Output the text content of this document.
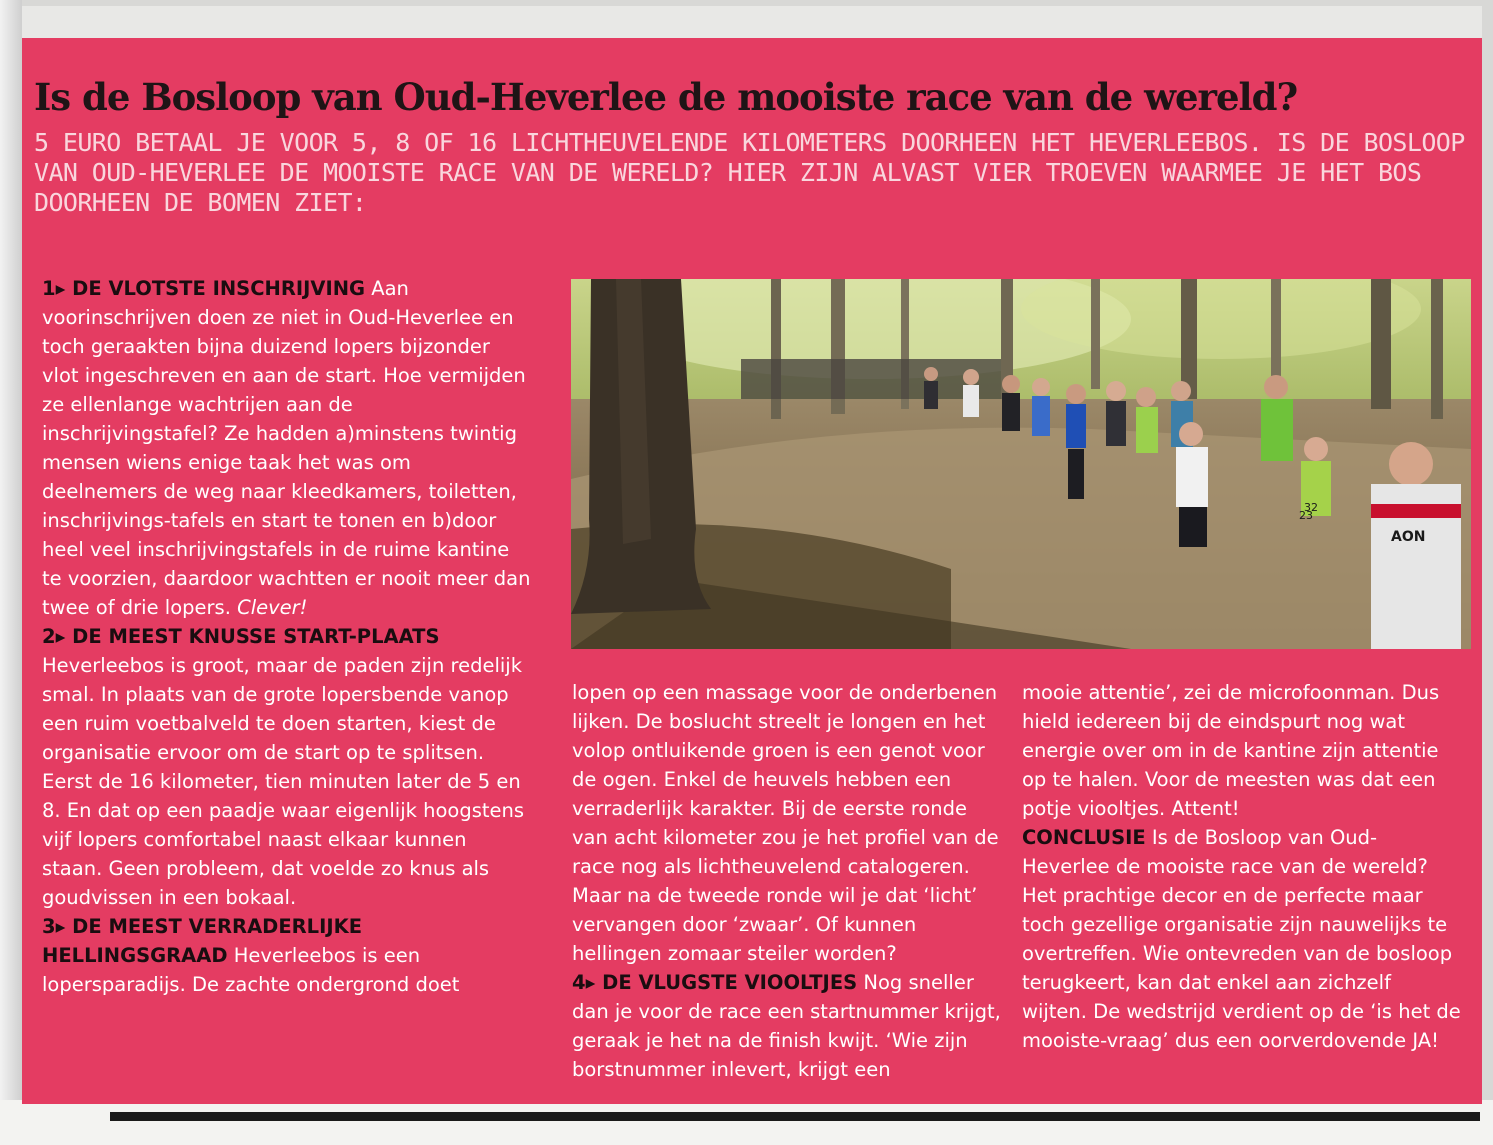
Is de Bosloop van Oud-Heverlee de mooiste race van de wereld?
5 EURO BETAAL JE VOOR 5, 8 OF 16 LICHTHEUVELENDE KILOMETERS DOORHEEN HET HEVERLEEBOS. IS DE BOSLOOP VAN OUD-HEVERLEE DE MOOISTE RACE VAN DE WERELD? HIER ZIJN ALVAST VIER TROEVEN WAARMEE JE HET BOS DOORHEEN DE BOMEN ZIET:
23
32
AON

1▸ DE VLOTSTE INSCHRIJVING Aan voorinschrijven doen ze niet in Oud-Heverlee en toch geraakten bijna duizend lopers bijzonder vlot ingeschreven en aan de start. Hoe vermijden ze ellenlange wachtrijen aan de inschrijvingstafel? Ze hadden a)minstens twintig mensen wiens enige taak het was om deelnemers de weg naar kleedkamers, toiletten, inschrijvings-tafels en start te tonen en b)door heel veel inschrijvingstafels in de ruime kantine te voorzien, daardoor wachtten er nooit meer dan twee of drie lopers. Clever!

2▸ DE MEEST KNUSSE START-PLAATS Heverleebos is groot, maar de paden zijn redelijk smal. In plaats van de grote lopersbende vanop een ruim voetbalveld te doen starten, kiest de organisatie ervoor om de start op te splitsen. Eerst de 16 kilometer, tien minuten later de 5 en 8. En dat op een paadje waar eigenlijk hoogstens vijf lopers comfortabel naast elkaar kunnen staan. Geen probleem, dat voelde zo knus als goudvissen in een bokaal.

3▸ DE MEEST VERRADERLIJKE HELLINGSGRAAD Heverleebos is een lopersparadijs. De zachte ondergrond doet

lopen op een massage voor de onderbenen lijken. De boslucht streelt je longen en het volop ontluikende groen is een genot voor de ogen. Enkel de heuvels hebben een verraderlijk karakter. Bij de eerste ronde van acht kilometer zou je het profiel van de race nog als lichtheuvelend catalogeren. Maar na de tweede ronde wil je dat ‘licht’ vervangen door ‘zwaar’. Of kunnen hellingen zomaar steiler worden?

4▸ DE VLUGSTE VIOOLTJES Nog sneller dan je voor de race een startnummer krijgt, geraak je het na de finish kwijt. ‘Wie zijn borstnummer inlevert, krijgt een

mooie attentie’, zei de microfoonman. Dus hield iedereen bij de eindspurt nog wat energie over om in de kantine zijn attentie op te halen. Voor de meesten was dat een potje viooltjes. Attent!

CONCLUSIE Is de Bosloop van Oud-Heverlee de mooiste race van de wereld? Het prachtige decor en de perfecte maar toch gezellige organisatie zijn nauwelijks te overtreffen. Wie ontevreden van de bosloop terugkeert, kan dat enkel aan zichzelf wijten. De wedstrijd verdient op de ‘is het de mooiste-vraag’ dus een oorverdovende JA!
